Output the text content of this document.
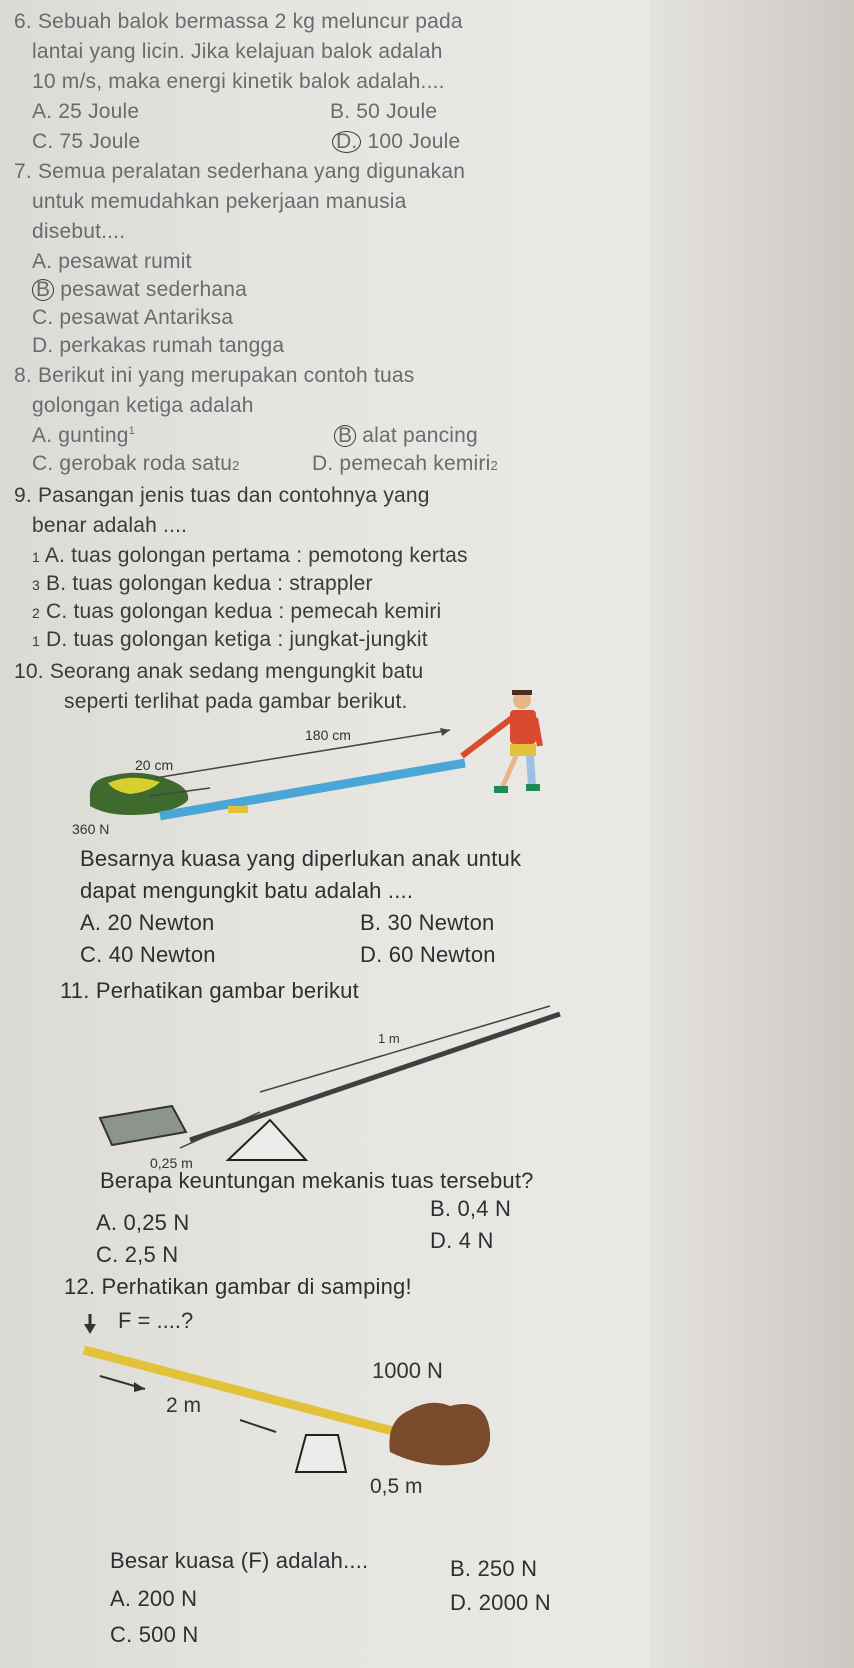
6. Sebuah balok bermassa 2 kg meluncur pada
lantai yang licin. Jika kelajuan balok adalah
10 m/s, maka energi kinetik balok adalah....
A. 25 Joule	B. 50 Joule
C. 75 Joule	D. 100 Joule
7. Semua peralatan sederhana yang digunakan
untuk memudahkan pekerjaan manusia
disebut....
A. pesawat rumit
B pesawat sederhana
C. pesawat Antariksa
D. perkakas rumah tangga
8. Berikut ini yang merupakan contoh tuas
golongan ketiga adalah
A. gunting$^1$	B alat pancing
C. gerobak roda satu2	D. pemecah kemiri2
9. Pasangan jenis tuas dan contohnya yang
benar adalah ....
1 A. tuas golongan pertama : pemotong kertas
3 B. tuas golongan kedua : strappler
2 C. tuas golongan kedua : pemecah kemiri
1 D. tuas golongan ketiga : jungkat-jungkit
10. Seorang anak sedang mengungkit batu
seperti terlihat pada gambar berikut.
20 cm
180 cm
360 N
Besarnya kuasa yang diperlukan anak untuk
dapat mengungkit batu adalah ....
A. 20 Newton	B. 30 Newton
C. 40 Newton	D. 60 Newton
11. Perhatikan gambar berikut
1 m
0,25 m
Berapa keuntungan mekanis tuas tersebut?
A. 0,25 N
B. 0,4 N
C. 2,5 N
D. 4 N
12. Perhatikan gambar di samping!
F = ....?
1000 N
2 m
0,5 m
Besar kuasa (F) adalah....
A. 200 N
B. 250 N
C. 500 N
D. 2000 N
